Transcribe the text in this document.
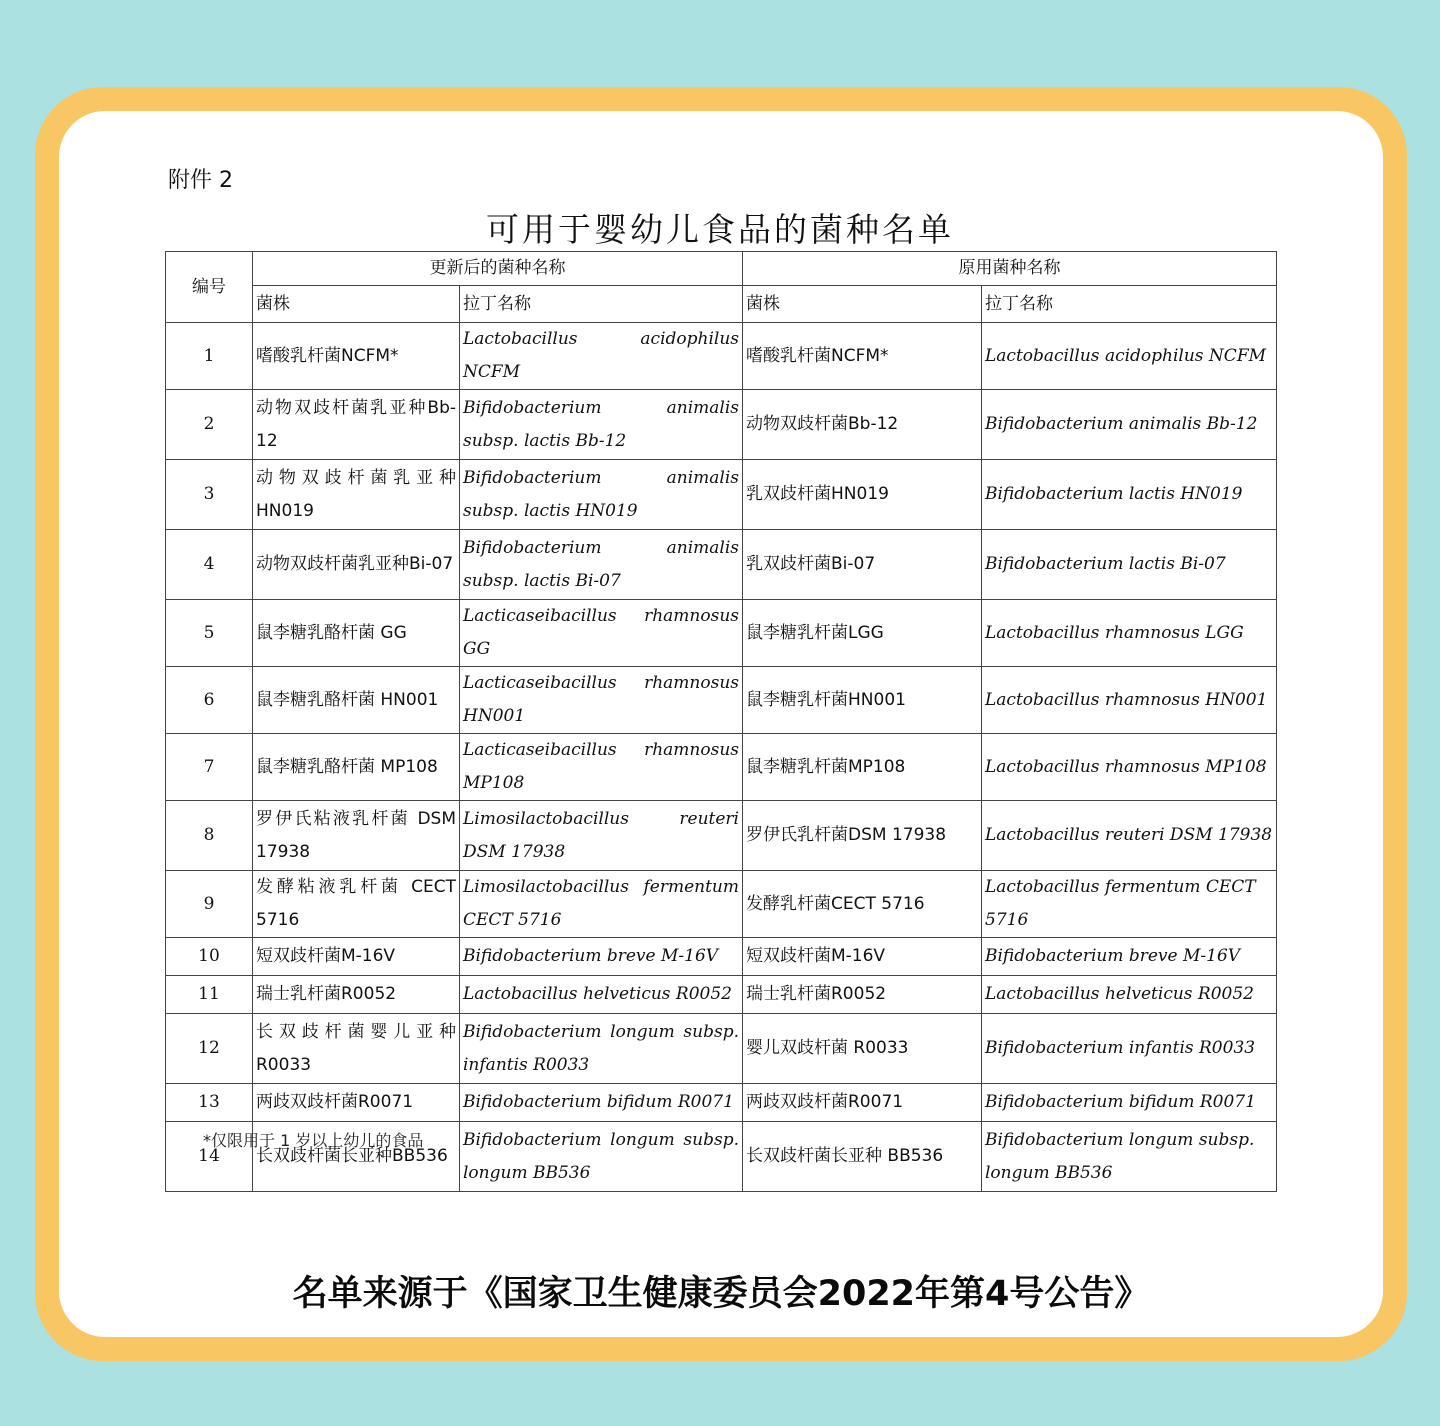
附件 2
可用于婴幼儿食品的菌种名单
编号	更新后的菌种名称		原用菌种名称	
	菌株	拉丁名称	菌株	拉丁名称
1	嗜酸乳杆菌NCFM*	Lactobacillus acidophilus NCFM	嗜酸乳杆菌NCFM*	Lactobacillus acidophilus NCFM
2	动物双歧杆菌乳亚种Bb-12	Bifidobacterium animalis subsp. lactis Bb-12	动物双歧杆菌Bb-12	Bifidobacterium animalis Bb-12
3	动物双歧杆菌乳亚种HN019	Bifidobacterium animalis subsp. lactis HN019	乳双歧杆菌HN019	Bifidobacterium lactis HN019
4	动物双歧杆菌乳亚种Bi-07	Bifidobacterium animalis subsp. lactis Bi-07	乳双歧杆菌Bi-07	Bifidobacterium lactis Bi-07
5	鼠李糖乳酪杆菌 GG	Lacticaseibacillus rhamnosus GG	鼠李糖乳杆菌LGG	Lactobacillus rhamnosus LGG
6	鼠李糖乳酪杆菌 HN001	Lacticaseibacillus rhamnosus HN001	鼠李糖乳杆菌HN001	Lactobacillus rhamnosus HN001
7	鼠李糖乳酪杆菌 MP108	Lacticaseibacillus rhamnosus MP108	鼠李糖乳杆菌MP108	Lactobacillus rhamnosus MP108
8	罗伊氏粘液乳杆菌 DSM 17938	Limosilactobacillus reuteri DSM 17938	罗伊氏乳杆菌DSM 17938	Lactobacillus reuteri DSM 17938
9	发酵粘液乳杆菌 CECT 5716	Limosilactobacillus fermentum CECT 5716	发酵乳杆菌CECT 5716	Lactobacillus fermentum CECT 5716
10	短双歧杆菌M-16V	Bifidobacterium breve M-16V	短双歧杆菌M-16V	Bifidobacterium breve M-16V
11	瑞士乳杆菌R0052	Lactobacillus helveticus R0052	瑞士乳杆菌R0052	Lactobacillus helveticus R0052
12	长双歧杆菌婴儿亚种R0033	Bifidobacterium longum subsp. infantis R0033	婴儿双歧杆菌 R0033	Bifidobacterium infantis R0033
13	两歧双歧杆菌R0071	Bifidobacterium bifidum R0071	两歧双歧杆菌R0071	Bifidobacterium bifidum R0071
14	长双歧杆菌长亚种BB536	Bifidobacterium longum subsp. longum BB536	长双歧杆菌长亚种 BB536	Bifidobacterium longum subsp. longum BB536
*仅限用于 1 岁以上幼儿的食品
名单来源于《国家卫生健康委员会2022年第4号公告》
